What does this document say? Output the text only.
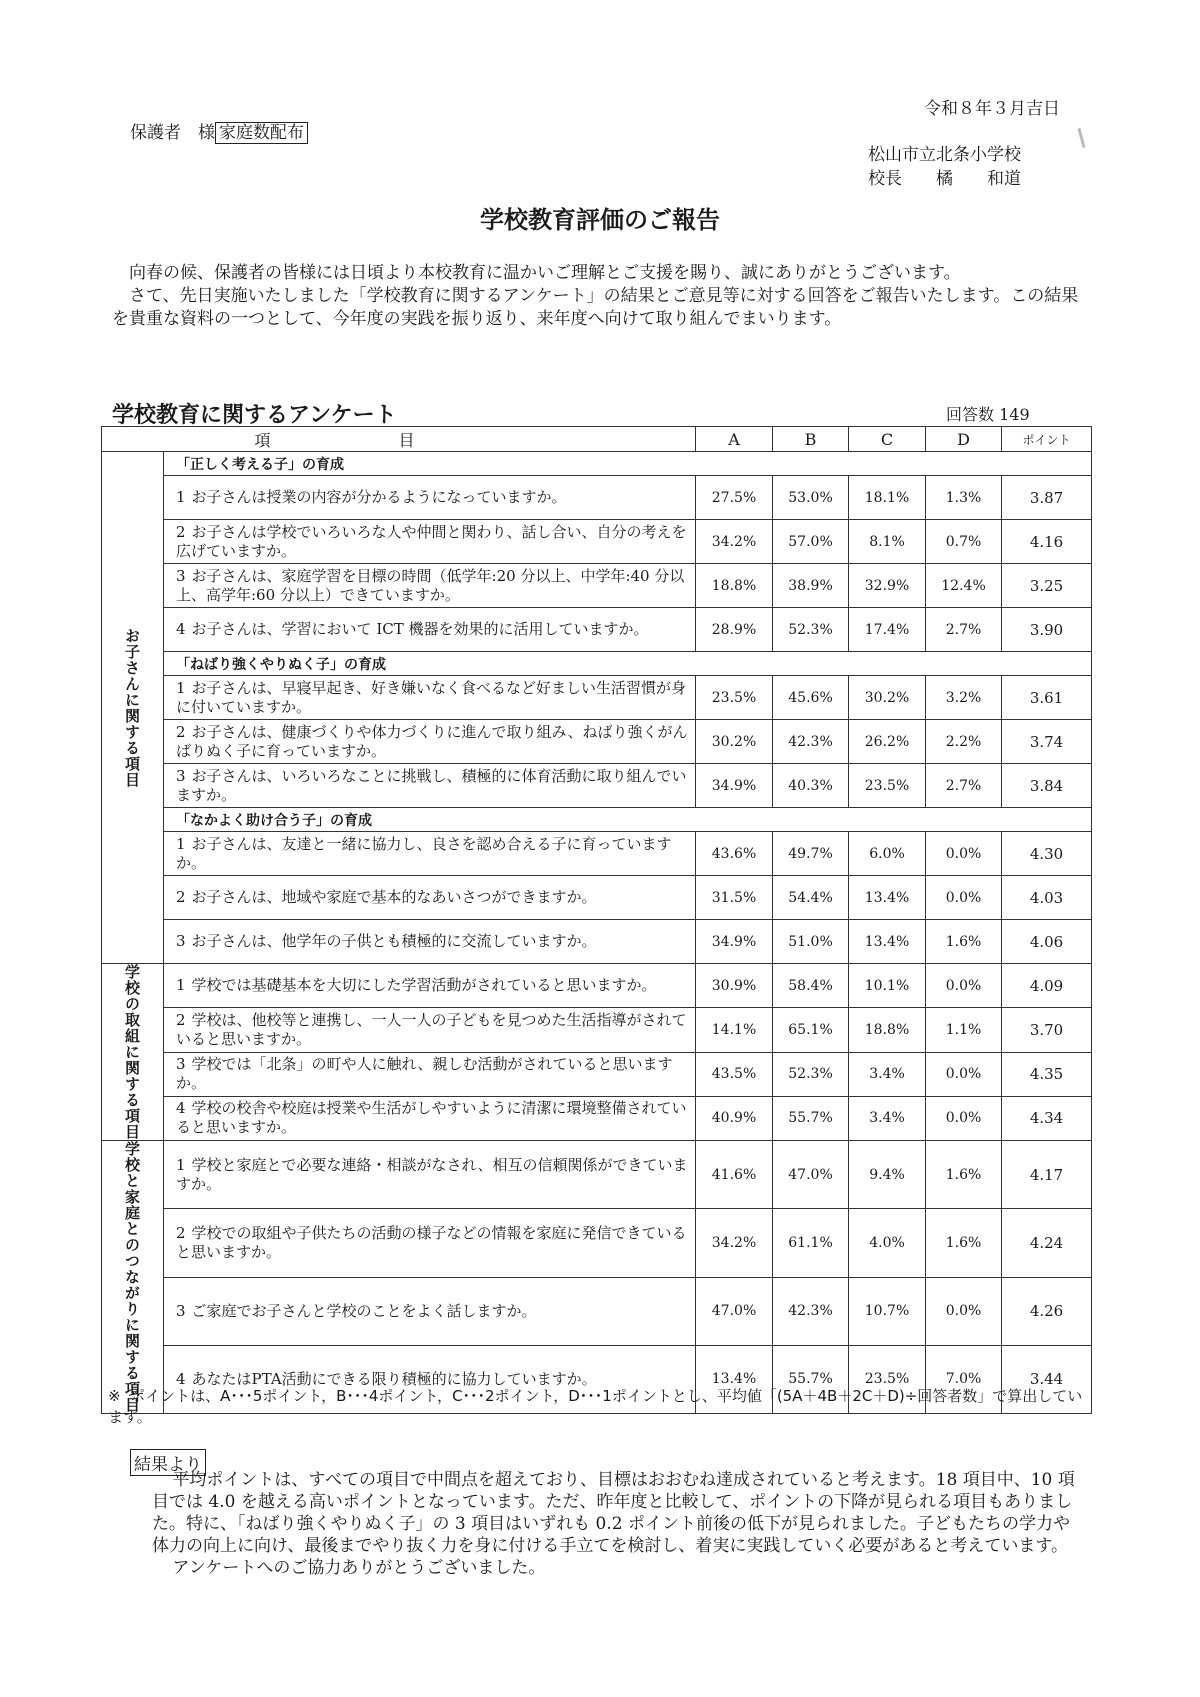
令和８年３月吉日
保護者　様 家庭数配布
松山市立北条小学校
校長　　橘　　和道
学校教育評価のご報告

向春の候、保護者の皆様には日頃より本校教育に温かいご理解とご支援を賜り、誠にありがとうございます。

さて、先日実施いたしました「学校教育に関するアンケート」の結果とご意見等に対する回答をご報告いたします。この結果を貴重な資料の一つとして、今年度の実践を振り返り、来年度へ向けて取り組んでまいります。

学校教育に関するアンケート	回答数 149
項目		A	B	C	D	ポイント
お子さんに関する項目	「正しく考える子」の育成					
	1 お子さんは授業の内容が分かるようになっていますか。	27.5%	53.0%	18.1%	1.3%	3.87
	2 お子さんは学校でいろいろな人や仲間と関わり、話し合い、自分の考えを広げていますか。	34.2%	57.0%	8.1%	0.7%	4.16
	3 お子さんは、家庭学習を目標の時間（低学年:20 分以上、中学年:40 分以上、高学年:60 分以上）できていますか。	18.8%	38.9%	32.9%	12.4%	3.25
	4 お子さんは、学習において ICT 機器を効果的に活用していますか。	28.9%	52.3%	17.4%	2.7%	3.90
	「ねばり強くやりぬく子」の育成					
	1 お子さんは、早寝早起き、好き嫌いなく食べるなど好ましい生活習慣が身に付いていますか。	23.5%	45.6%	30.2%	3.2%	3.61
	2 お子さんは、健康づくりや体力づくりに進んで取り組み、ねばり強くがんばりぬく子に育っていますか。	30.2%	42.3%	26.2%	2.2%	3.74
	3 お子さんは、いろいろなことに挑戦し、積極的に体育活動に取り組んでいますか。	34.9%	40.3%	23.5%	2.7%	3.84
	「なかよく助け合う子」の育成					
	1 お子さんは、友達と一緒に協力し、良さを認め合える子に育っていますか。	43.6%	49.7%	6.0%	0.0%	4.30
	2 お子さんは、地域や家庭で基本的なあいさつができますか。	31.5%	54.4%	13.4%	0.0%	4.03
	3 お子さんは、他学年の子供とも積極的に交流していますか。	34.9%	51.0%	13.4%	1.6%	4.06
学校の取組に関する項目	1 学校では基礎基本を大切にした学習活動がされていると思いますか。	30.9%	58.4%	10.1%	0.0%	4.09
	2 学校は、他校等と連携し、一人一人の子どもを見つめた生活指導がされていると思いますか。	14.1%	65.1%	18.8%	1.1%	3.70
	3 学校では「北条」の町や人に触れ、親しむ活動がされていると思いますか。	43.5%	52.3%	3.4%	0.0%	4.35
	4 学校の校舎や校庭は授業や生活がしやすいように清潔に環境整備されていると思いますか。	40.9%	55.7%	3.4%	0.0%	4.34
学校と家庭とのつながりに関する項目	1 学校と家庭とで必要な連絡・相談がなされ、相互の信頼関係ができていますか。	41.6%	47.0%	9.4%	1.6%	4.17
	2 学校での取組や子供たちの活動の様子などの情報を家庭に発信できていると思いますか。	34.2%	61.1%	4.0%	1.6%	4.24
	3 ご家庭でお子さんと学校のことをよく話しますか。	47.0%	42.3%	10.7%	0.0%	4.26
	4 あなたはPTA活動にできる限り積極的に協力していますか。	13.4%	55.7%	23.5%	7.0%	3.44
※ ポイントは、A･･･5ポイント，B･･･4ポイント，C･･･2ポイント，D･･･1ポイントとし、平均値「(5A＋4B＋2C＋D)÷回答者数」で算出しています。
結果より

平均ポイントは、すべての項目で中間点を超えており、目標はおおむね達成されていると考えます。18 項目中、10 項目では 4.0 を越える高いポイントとなっています。ただ、昨年度と比較して、ポイントの下降が見られる項目もありました。特に、「ねばり強くやりぬく子」の 3 項目はいずれも 0.2 ポイント前後の低下が見られました。子どもたちの学力や体力の向上に向け、最後までやり抜く力を身に付ける手立てを検討し、着実に実践していく必要があると考えています。

アンケートへのご協力ありがとうございました。
